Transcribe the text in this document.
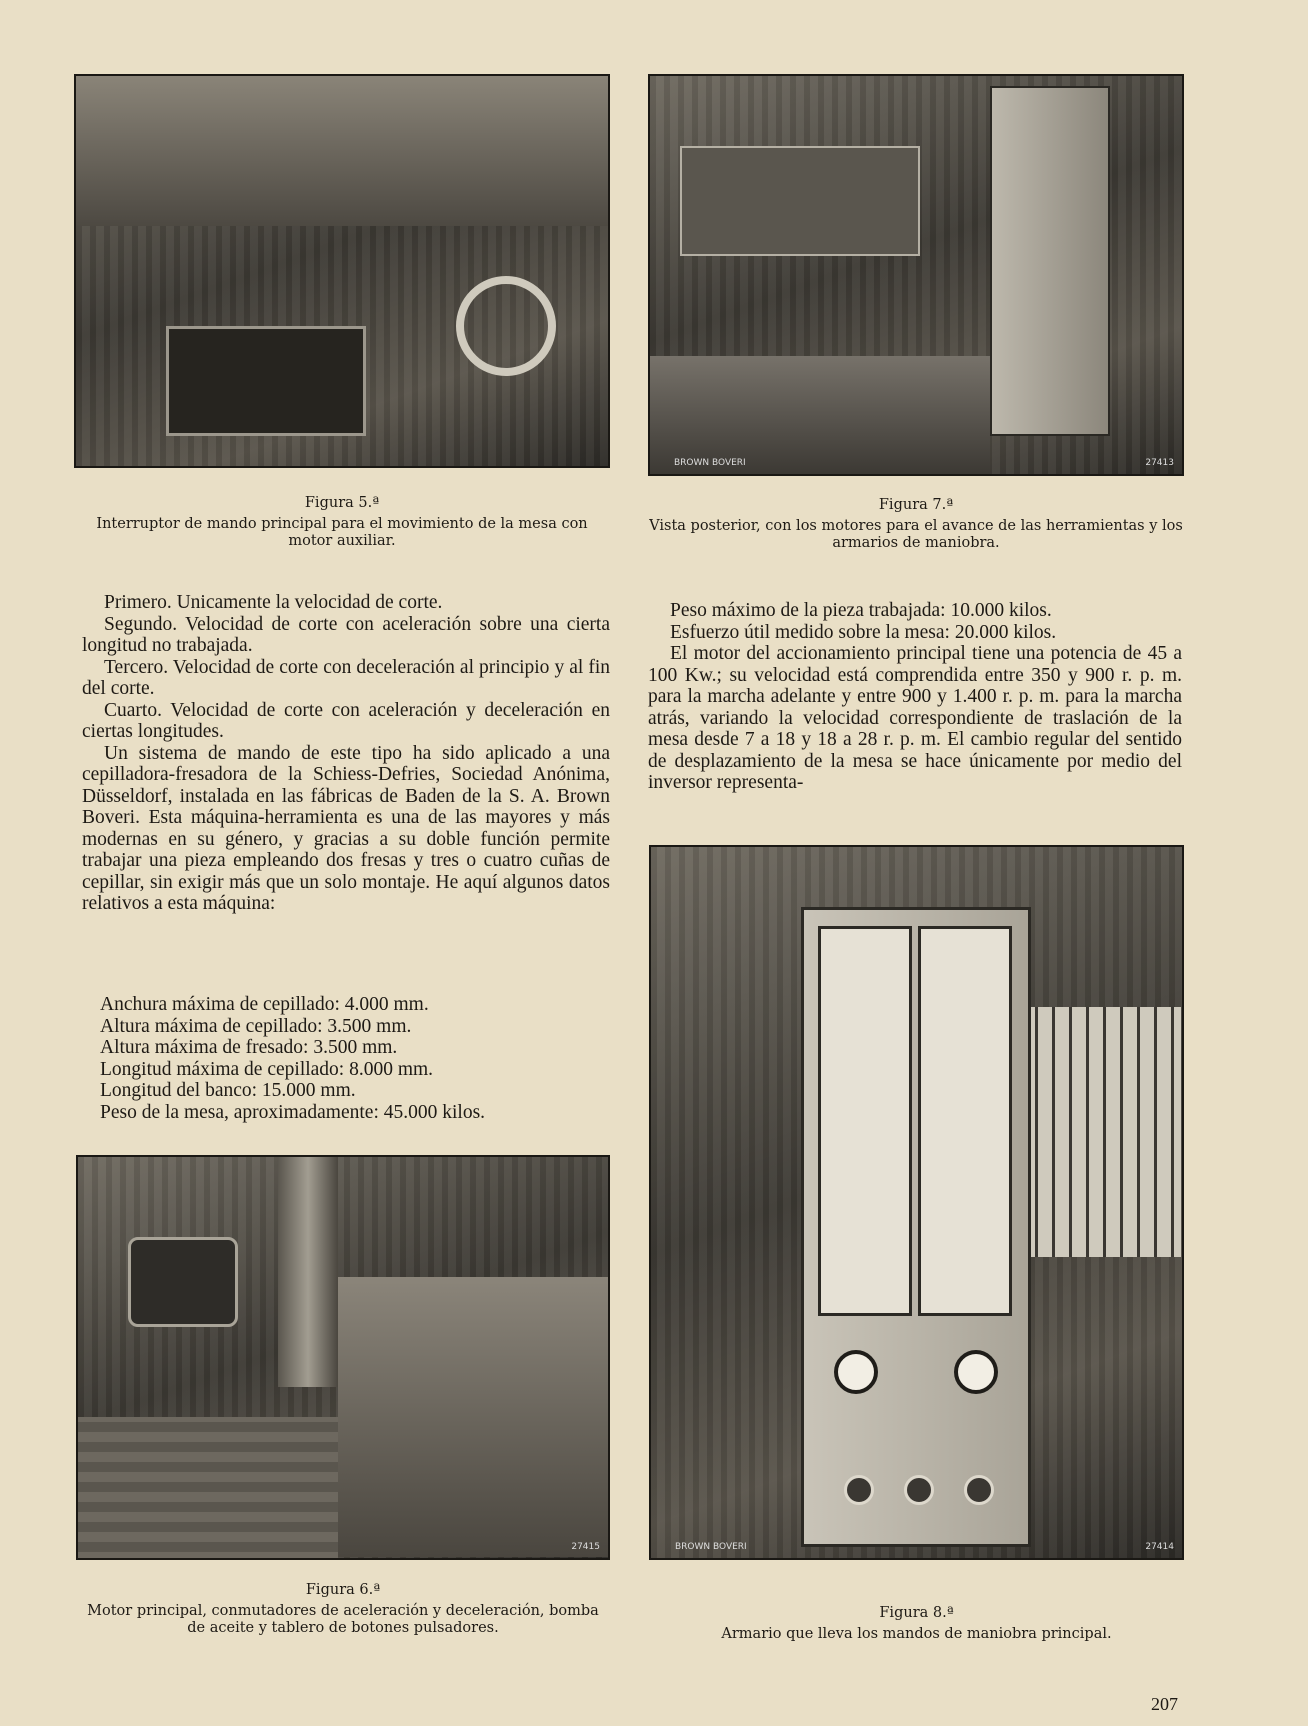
Figura 5.ª
Interruptor de mando principal para el movimiento de la mesa con motor auxiliar.
BROWN BOVERI	27413
Figura 7.ª
Vista posterior, con los motores para el avance de las herramientas y los armarios de maniobra.

Primero. Unicamente la velocidad de corte.

Segundo. Velocidad de corte con aceleración sobre una cierta longitud no trabajada.

Tercero. Velocidad de corte con deceleración al principio y al fin del corte.

Cuarto. Velocidad de corte con aceleración y deceleración en ciertas longitudes.

Un sistema de mando de este tipo ha sido aplicado a una cepilladora-fresadora de la Schiess-Defries, Sociedad Anónima, Düsseldorf, instalada en las fábricas de Baden de la S. A. Brown Boveri. Esta máquina-herramienta es una de las mayores y más modernas en su género, y gracias a su doble función permite trabajar una pieza empleando dos fresas y tres o cuatro cuñas de cepillar, sin exigir más que un solo montaje. He aquí algunos datos relativos a esta máquina:

Anchura máxima de cepillado: 4.000 mm.
Altura máxima de cepillado: 3.500 mm.
Altura máxima de fresado: 3.500 mm.
Longitud máxima de cepillado: 8.000 mm.
Longitud del banco: 15.000 mm.
Peso de la mesa, aproximadamente: 45.000 kilos.

Peso máximo de la pieza trabajada: 10.000 kilos.

Esfuerzo útil medido sobre la mesa: 20.000 kilos.

El motor del accionamiento principal tiene una potencia de 45 a 100 Kw.; su velocidad está comprendida entre 350 y 900 r. p. m. para la marcha adelante y entre 900 y 1.400 r. p. m. para la marcha atrás, variando la velocidad correspondiente de traslación de la mesa desde 7 a 18 y 18 a 28 r. p. m. El cambio regular del sentido de desplazamiento de la mesa se hace únicamente por medio del inversor representa-

27415
Figura 6.ª
Motor principal, conmutadores de aceleración y deceleración, bomba de aceite y tablero de botones pulsadores.
BROWN BOVERI	27414
Figura 8.ª
Armario que lleva los mandos de maniobra principal.
207
